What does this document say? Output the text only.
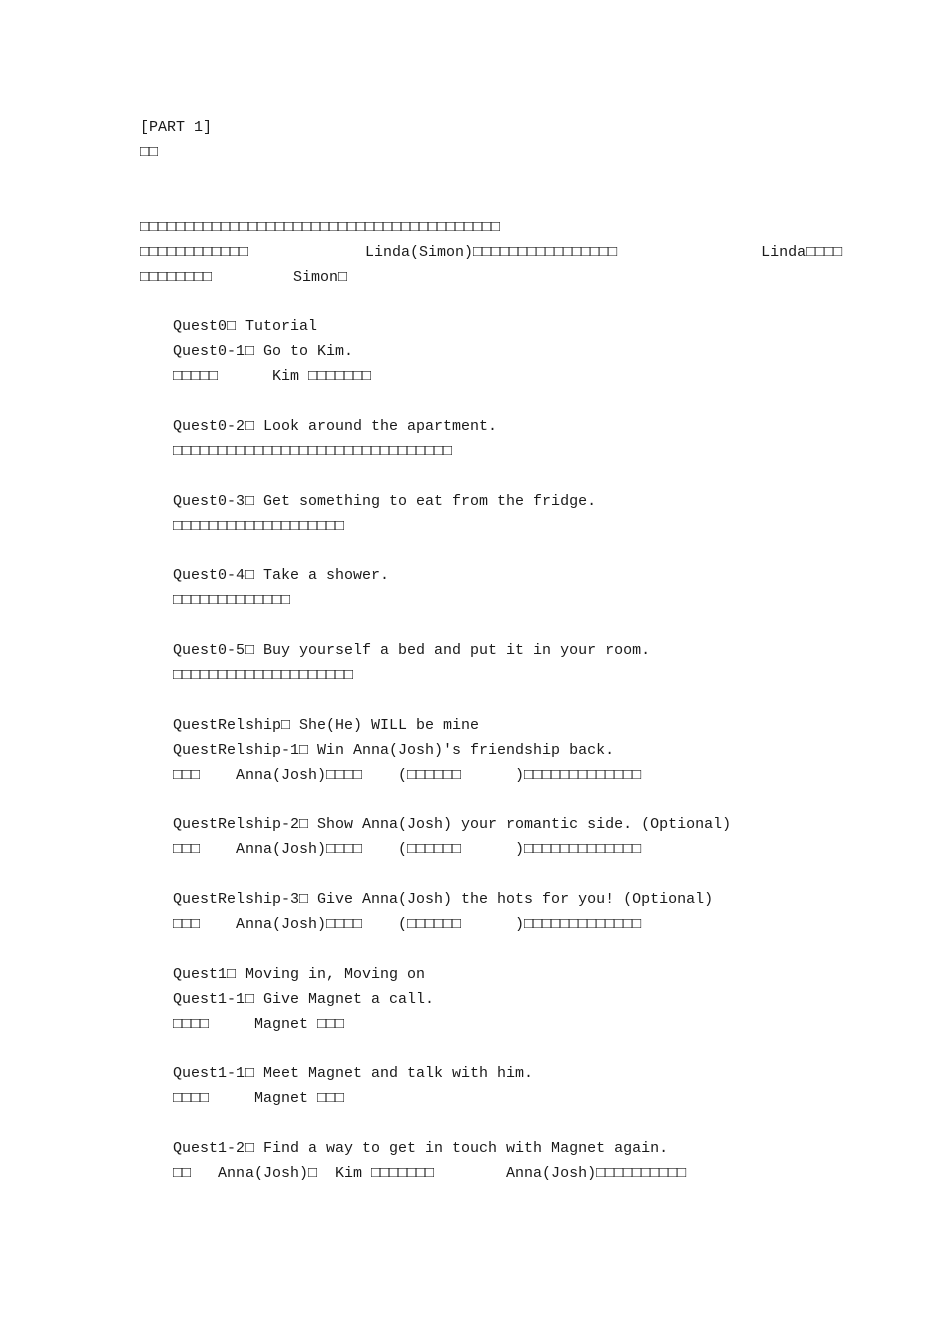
[PART 1]
□□
□□□□□□□□□□□□□□□□□□□□□□□□□□□□□□□□□□□□□□□□
□□□□□□□□□□□□             Linda(Simon)□□□□□□□□□□□□□□□□                Linda□□□□
□□□□□□□□         Simon□
Quest0□ Tutorial
Quest0-1□ Go to Kim.
□□□□□      Kim □□□□□□□
Quest0-2□ Look around the apartment.
□□□□□□□□□□□□□□□□□□□□□□□□□□□□□□□
Quest0-3□ Get something to eat from the fridge.
□□□□□□□□□□□□□□□□□□□
Quest0-4□ Take a shower.
□□□□□□□□□□□□□
Quest0-5□ Buy yourself a bed and put it in your room.
□□□□□□□□□□□□□□□□□□□□
QuestRelship□ She(He) WILL be mine
QuestRelship-1□ Win Anna(Josh)'s friendship back.
□□□    Anna(Josh)□□□□    (□□□□□□      )□□□□□□□□□□□□□
QuestRelship-2□ Show Anna(Josh) your romantic side. (Optional)
□□□    Anna(Josh)□□□□    (□□□□□□      )□□□□□□□□□□□□□
QuestRelship-3□ Give Anna(Josh) the hots for you! (Optional)
□□□    Anna(Josh)□□□□    (□□□□□□      )□□□□□□□□□□□□□
Quest1□ Moving in, Moving on
Quest1-1□ Give Magnet a call.
□□□□     Magnet □□□
Quest1-1□ Meet Magnet and talk with him.
□□□□     Magnet □□□
Quest1-2□ Find a way to get in touch with Magnet again.
□□   Anna(Josh)□  Kim □□□□□□□        Anna(Josh)□□□□□□□□□□
